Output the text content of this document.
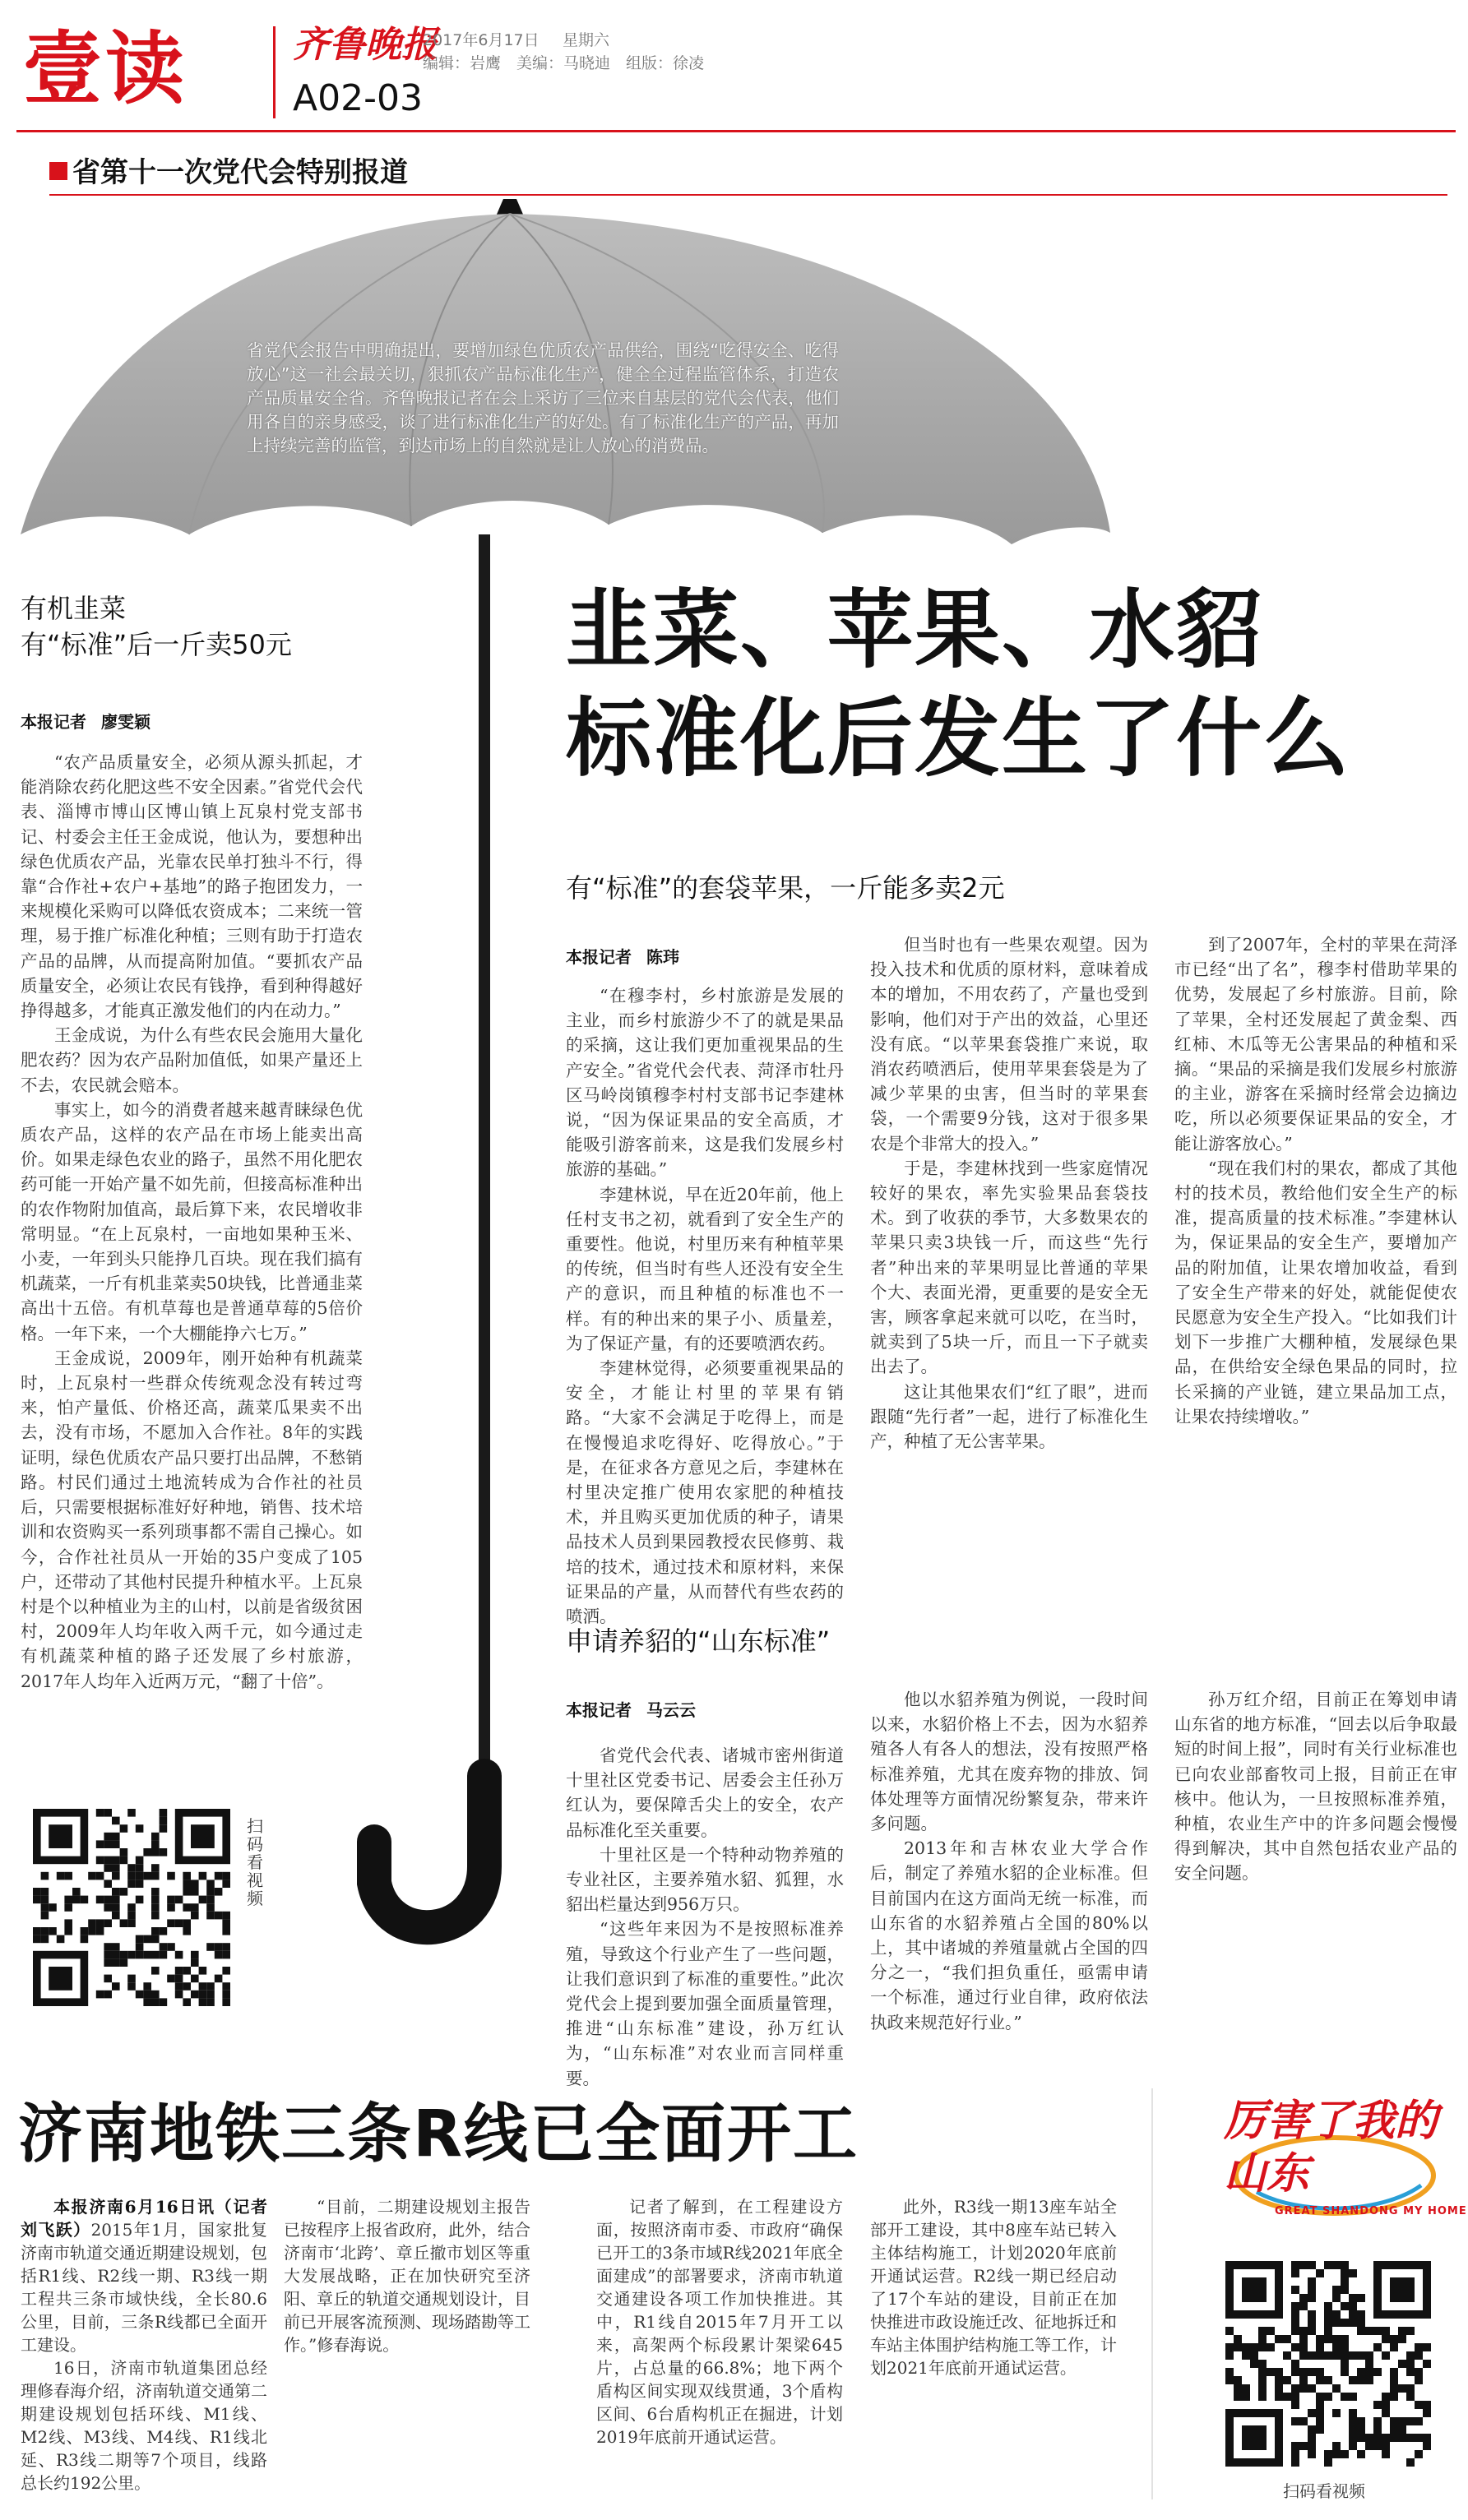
壹读	齐鲁晚报
A02-03
2017年6月17日 星期六
编辑：岩鹰　美编：马晓迪　组版：徐凌
省第十一次党代会特别报道
省党代会报告中明确提出，要增加绿色优质农产品供给，围绕“吃得安全、吃得放心”这一社会最关切，狠抓农产品标准化生产，健全全过程监管体系，打造农产品质量安全省。齐鲁晚报记者在会上采访了三位来自基层的党代会代表，他们用各自的亲身感受，谈了进行标准化生产的好处。有了标准化生产的产品，再加上持续完善的监管，到达市场上的自然就是让人放心的消费品。
韭菜、苹果、水貂
标准化后发生了什么
有机韭菜
有“标准”后一斤卖50元
本报记者 廖雯颖

“农产品质量安全，必须从源头抓起，才能消除农药化肥这些不安全因素。”省党代会代表、淄博市博山区博山镇上瓦泉村党支部书记、村委会主任王金成说，他认为，要想种出绿色优质农产品，光靠农民单打独斗不行，得靠“合作社+农户+基地”的路子抱团发力，一来规模化采购可以降低农资成本；二来统一管理，易于推广标准化种植；三则有助于打造农产品的品牌，从而提高附加值。“要抓农产品质量安全，必须让农民有钱挣，看到种得越好挣得越多，才能真正激发他们的内在动力。”

王金成说，为什么有些农民会施用大量化肥农药？因为农产品附加值低，如果产量还上不去，农民就会赔本。

事实上，如今的消费者越来越青睐绿色优质农产品，这样的农产品在市场上能卖出高价。如果走绿色农业的路子，虽然不用化肥农药可能一开始产量不如先前，但接高标准种出的农作物附加值高，最后算下来，农民增收非常明显。“在上瓦泉村，一亩地如果种玉米、小麦，一年到头只能挣几百块。现在我们搞有机蔬菜，一斤有机韭菜卖50块钱，比普通韭菜高出十五倍。有机草莓也是普通草莓的5倍价格。一年下来，一个大棚能挣六七万。”

王金成说，2009年，刚开始种有机蔬菜时，上瓦泉村一些群众传统观念没有转过弯来，怕产量低、价格还高，蔬菜瓜果卖不出去，没有市场，不愿加入合作社。8年的实践证明，绿色优质农产品只要打出品牌，不愁销路。村民们通过土地流转成为合作社的社员后，只需要根据标准好好种地，销售、技术培训和农资购买一系列琐事都不需自己操心。如今，合作社社员从一开始的35户变成了105户，还带动了其他村民提升种植水平。上瓦泉村是个以种植业为主的山村，以前是省级贫困村，2009年人均年收入两千元，如今通过走有机蔬菜种植的路子还发展了乡村旅游，2017年人均年入近两万元，“翻了十倍”。

有“标准”的套袋苹果，一斤能多卖2元
本报记者 陈玮

“在穆李村，乡村旅游是发展的主业，而乡村旅游少不了的就是果品的采摘，这让我们更加重视果品的生产安全。”省党代会代表、菏泽市牡丹区马岭岗镇穆李村村支部书记李建林说，“因为保证果品的安全高质，才能吸引游客前来，这是我们发展乡村旅游的基础。”

李建林说，早在近20年前，他上任村支书之初，就看到了安全生产的重要性。他说，村里历来有种植苹果的传统，但当时有些人还没有安全生产的意识，而且种植的标准也不一样。有的种出来的果子小、质量差，为了保证产量，有的还要喷洒农药。

李建林觉得，必须要重视果品的安全，才能让村里的苹果有销路。“大家不会满足于吃得上，而是在慢慢追求吃得好、吃得放心。”于是，在征求各方意见之后，李建林在村里决定推广使用农家肥的种植技术，并且购买更加优质的种子，请果品技术人员到果园教授农民修剪、栽培的技术，通过技术和原材料，来保证果品的产量，从而替代有些农药的喷洒。

但当时也有一些果农观望。因为投入技术和优质的原材料，意味着成本的增加，不用农药了，产量也受到影响，他们对于产出的效益，心里还没有底。“以苹果套袋推广来说，取消农药喷洒后，使用苹果套袋是为了减少苹果的虫害，但当时的苹果套袋，一个需要9分钱，这对于很多果农是个非常大的投入。”

于是，李建林找到一些家庭情况较好的果农，率先实验果品套袋技术。到了收获的季节，大多数果农的苹果只卖3块钱一斤，而这些“先行者”种出来的苹果明显比普通的苹果个大、表面光滑，更重要的是安全无害，顾客拿起来就可以吃，在当时，就卖到了5块一斤，而且一下子就卖出去了。

这让其他果农们“红了眼”，进而跟随“先行者”一起，进行了标准化生产，种植了无公害苹果。

到了2007年，全村的苹果在菏泽市已经“出了名”，穆李村借助苹果的优势，发展起了乡村旅游。目前，除了苹果，全村还发展起了黄金梨、西红柿、木瓜等无公害果品的种植和采摘。“果品的采摘是我们发展乡村旅游的主业，游客在采摘时经常会边摘边吃，所以必须要保证果品的安全，才能让游客放心。”

“现在我们村的果农，都成了其他村的技术员，教给他们安全生产的标准，提高质量的技术标准。”李建林认为，保证果品的安全生产，要增加产品的附加值，让果农增加收益，看到了安全生产带来的好处，就能促使农民愿意为安全生产投入。“比如我们计划下一步推广大棚种植，发展绿色果品，在供给安全绿色果品的同时，拉长采摘的产业链，建立果品加工点，让果农持续增收。”

申请养貂的“山东标准”
本报记者 马云云

省党代会代表、诸城市密州街道十里社区党委书记、居委会主任孙万红认为，要保障舌尖上的安全，农产品标准化至关重要。

十里社区是一个特种动物养殖的专业社区，主要养殖水貂、狐狸，水貂出栏量达到956万只。

“这些年来因为不是按照标准养殖，导致这个行业产生了一些问题，让我们意识到了标准的重要性。”此次党代会上提到要加强全面质量管理，推进“山东标准”建设，孙万红认为，“山东标准”对农业而言同样重要。

他以水貂养殖为例说，一段时间以来，水貂价格上不去，因为水貂养殖各人有各人的想法，没有按照严格标准养殖，尤其在废弃物的排放、饲体处理等方面情况纷繁复杂，带来许多问题。

2013年和吉林农业大学合作后，制定了养殖水貂的企业标准。但目前国内在这方面尚无统一标准，而山东省的水貂养殖占全国的80%以上，其中诸城的养殖量就占全国的四分之一，“我们担负重任，亟需申请一个标准，通过行业自律，政府依法执政来规范好行业。”

孙万红介绍，目前正在筹划申请山东省的地方标准，“回去以后争取最短的时间上报”，同时有关行业标准也已向农业部畜牧司上报，目前正在审核中。他认为，一旦按照标准养殖，种植，农业生产中的许多问题会慢慢得到解决，其中自然包括农业产品的安全问题。

扫码看视频
济南地铁三条R线已全面开工

本报济南6月16日讯（记者　刘飞跃）2015年1月，国家批复济南市轨道交通近期建设规划，包括R1线、R2线一期、R3线一期工程共三条市域快线，全长80.6公里，目前，三条R线都已全面开工建设。

16日，济南市轨道集团总经理修春海介绍，济南轨道交通第二期建设规划包括环线、M1线、M2线、M3线、M4线、R1线北延、R3线二期等7个项目，线路总长约192公里。

“目前，二期建设规划主报告已按程序上报省政府，此外，结合济南市‘北跨’、章丘撤市划区等重大发展战略，正在加快研究至济阳、章丘的轨道交通规划设计，目前已开展客流预测、现场踏勘等工作。”修春海说。

记者了解到，在工程建设方面，按照济南市委、市政府“确保已开工的3条市域R线2021年底全面建成”的部署要求，济南市轨道交通建设各项工作加快推进。其中，R1线自2015年7月开工以来，高架两个标段累计架梁645片，占总量的66.8%；地下两个盾构区间实现双线贯通，3个盾构区间、6台盾构机正在掘进，计划2019年底前开通试运营。

此外，R3线一期13座车站全部开工建设，其中8座车站已转入主体结构施工，计划2020年底前开通试运营。R2线一期已经启动了17个车站的建设，目前正在加快推进市政设施迁改、征地拆迁和车站主体围护结构施工等工作，计划2021年底前开通试运营。

厉害了我的山东
GREAT SHANDONG MY HOME
扫码看视频
